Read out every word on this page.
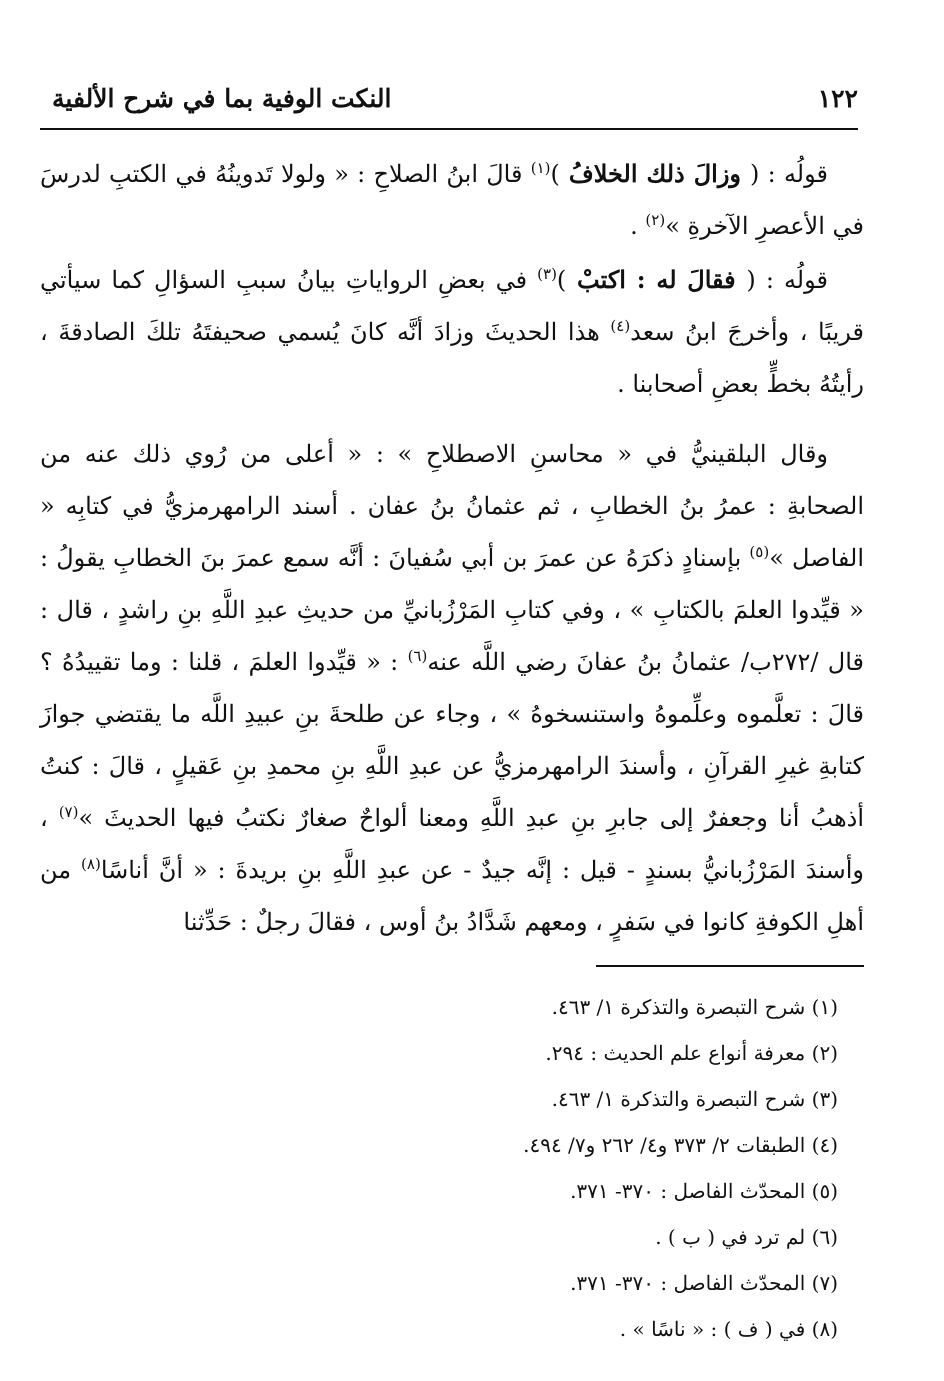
١٢٢
النكت الوفية بما في شرح الألفية

قولُه : ( وزالَ ذلك الخلافُ )$^{(١)}$ قالَ ابنُ الصلاحِ : « ولولا تَدوينُهُ في الكتبِ لدرسَ في الأعصرِ الآخرةِ »$^{(٢)}$ .

قولُه : ( فقالَ له : اكتبْ )$^{(٣)}$ في بعضِ الرواياتِ بيانُ سببِ السؤالِ كما سيأتي قريبًا ، وأخرجَ ابنُ سعد$^{(٤)}$ هذا الحديثَ وزادَ أنَّه كانَ يُسمي صحيفتَهُ تلكَ الصادقةَ ، رأيتُهُ بخطٍّ بعضِ أصحابنا .

وقال البلقينيُّ في « محاسنِ الاصطلاحِ » : « أعلى من رُوي ذلك عنه من الصحابةِ : عمرُ بنُ الخطابِ ، ثم عثمانُ بنُ عفان . أسند الرامهرمزيُّ في كتابِه « الفاصل »$^{(٥)}$ بإسنادٍ ذكرَهُ عن عمرَ بن أبي سُفيانَ : أنَّه سمع عمرَ بنَ الخطابِ يقولُ : « قيِّدوا العلمَ بالكتابِ » ، وفي كتابِ المَرْزُبانيِّ من حديثِ عبدِ اللَّهِ بنِ راشدٍ ، قال : قال /٢٧٢ب/ عثمانُ بنُ عفانَ رضي اللَّه عنه$^{(٦)}$ : « قيِّدوا العلمَ ، قلنا : وما تقييدُهُ ؟ قالَ : تعلَّموه وعلِّموهُ واستنسخوهُ » ، وجاء عن طلحةَ بنِ عبيدِ اللَّه ما يقتضي جوازَ كتابةِ غيرِ القرآنِ ، وأسندَ الرامهرمزيُّ عن عبدِ اللَّهِ بنِ محمدِ بنِ عَقيلٍ ، قالَ : كنتُ أذهبُ أنا وجعفرٌ إلى جابرِ بنِ عبدِ اللَّهِ ومعنا ألواحٌ صغارٌ نكتبُ فيها الحديثَ »$^{(٧)}$ ، وأسندَ المَرْزُبانيُّ بسندٍ - قيل : إنَّه جيدٌ - عن عبدِ اللَّهِ بنِ بريدةَ : « أنَّ أناسًا$^{(٨)}$ من أهلِ الكوفةِ كانوا في سَفرٍ ، ومعهم شَدَّادُ بنُ أوس ، فقالَ رجلٌ : حَدِّثنا

(١) شرح التبصرة والتذكرة ١/ ٤٦٣.
(٢) معرفة أنواع علم الحديث : ٢٩٤.
(٣) شرح التبصرة والتذكرة ١/ ٤٦٣.
(٤) الطبقات ٢/ ٣٧٣ و٤/ ٢٦٢ و٧/ ٤٩٤.
(٥) المحدّث الفاصل : ٣٧٠- ٣٧١.
(٦) لم ترد في ( ب ) .
(٧) المحدّث الفاصل : ٣٧٠- ٣٧١.
(٨) في ( ف ) : « ناسًا » .
